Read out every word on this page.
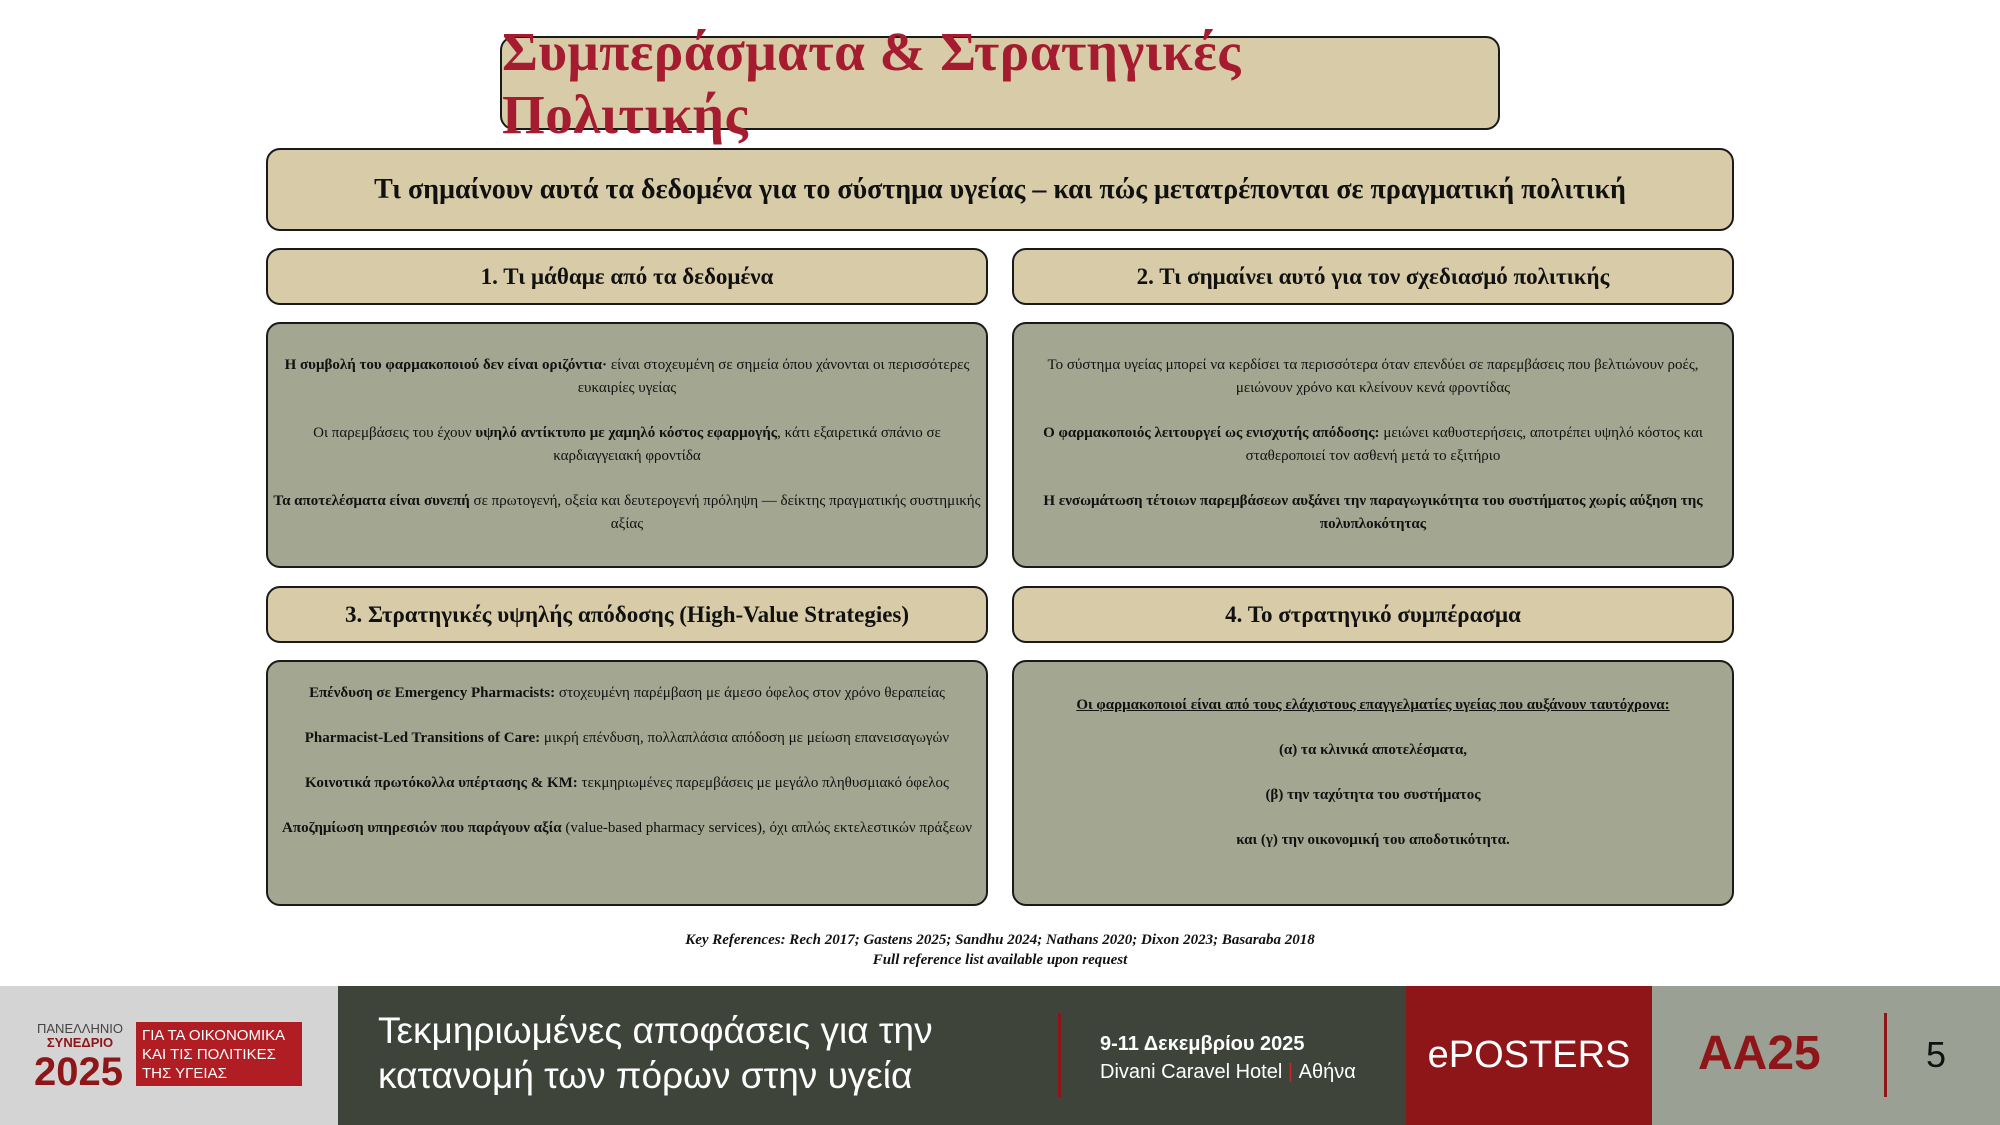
Συμπεράσματα & Στρατηγικές Πολιτικής
Τι σημαίνουν αυτά τα δεδομένα για το σύστημα υγείας – και πώς μετατρέπονται σε πραγματική πολιτική
1. Τι μάθαμε από τα δεδομένα

Η συμβολή του φαρμακοποιού δεν είναι οριζόντια· είναι στοχευμένη σε σημεία όπου χάνονται οι περισσότερες ευκαιρίες υγείας

Οι παρεμβάσεις του έχουν υψηλό αντίκτυπο με χαμηλό κόστος εφαρμογής, κάτι εξαιρετικά σπάνιο σε καρδιαγγειακή φροντίδα

Τα αποτελέσματα είναι συνεπή σε πρωτογενή, οξεία και δευτερογενή πρόληψη — δείκτης πραγματικής συστημικής αξίας

2. Τι σημαίνει αυτό για τον σχεδιασμό πολιτικής

Το σύστημα υγείας μπορεί να κερδίσει τα περισσότερα όταν επενδύει σε παρεμβάσεις που βελτιώνουν ροές, μειώνουν χρόνο και κλείνουν κενά φροντίδας

Ο φαρμακοποιός λειτουργεί ως ενισχυτής απόδοσης: μειώνει καθυστερήσεις, αποτρέπει υψηλό κόστος και σταθεροποιεί τον ασθενή μετά το εξιτήριο

Η ενσωμάτωση τέτοιων παρεμβάσεων αυξάνει την παραγωγικότητα του συστήματος χωρίς αύξηση της πολυπλοκότητας

3. Στρατηγικές υψηλής απόδοσης (High-Value Strategies)

Επένδυση σε Emergency Pharmacists: στοχευμένη παρέμβαση με άμεσο όφελος στον χρόνο θεραπείας

Pharmacist-Led Transitions of Care: μικρή επένδυση, πολλαπλάσια απόδοση με μείωση επανεισαγωγών

Κοινοτικά πρωτόκολλα υπέρτασης & ΚΜ: τεκμηριωμένες παρεμβάσεις με μεγάλο πληθυσμιακό όφελος

Αποζημίωση υπηρεσιών που παράγουν αξία (value-based pharmacy services), όχι απλώς εκτελεστικών πράξεων

4. Το στρατηγικό συμπέρασμα

Οι φαρμακοποιοί είναι από τους ελάχιστους επαγγελματίες υγείας που αυξάνουν ταυτόχρονα:

(α) τα κλινικά αποτελέσματα,

(β) την ταχύτητα του συστήματος

και (γ) την οικονομική του αποδοτικότητα.

Key References: Rech 2017; Gastens 2025; Sandhu 2024; Nathans 2020; Dixon 2023; Basaraba 2018
Full reference list available upon request
ΠΑΝΕΛΛΗΝΙΟ
ΣΥΝΕΔΡΙΟ
2025
ΓΙΑ ΤΑ ΟΙΚΟΝΟΜΙΚΑ
ΚΑΙ ΤΙΣ ΠΟΛΙΤΙΚΕΣ
ΤΗΣ ΥΓΕΙΑΣ
Τεκμηριωμένες αποφάσεις για την
κατανομή των πόρων στην υγεία
9-11 Δεκεμβρίου 2025
Divani Caravel Hotel | Αθήνα ePOSTERS AA25	5
